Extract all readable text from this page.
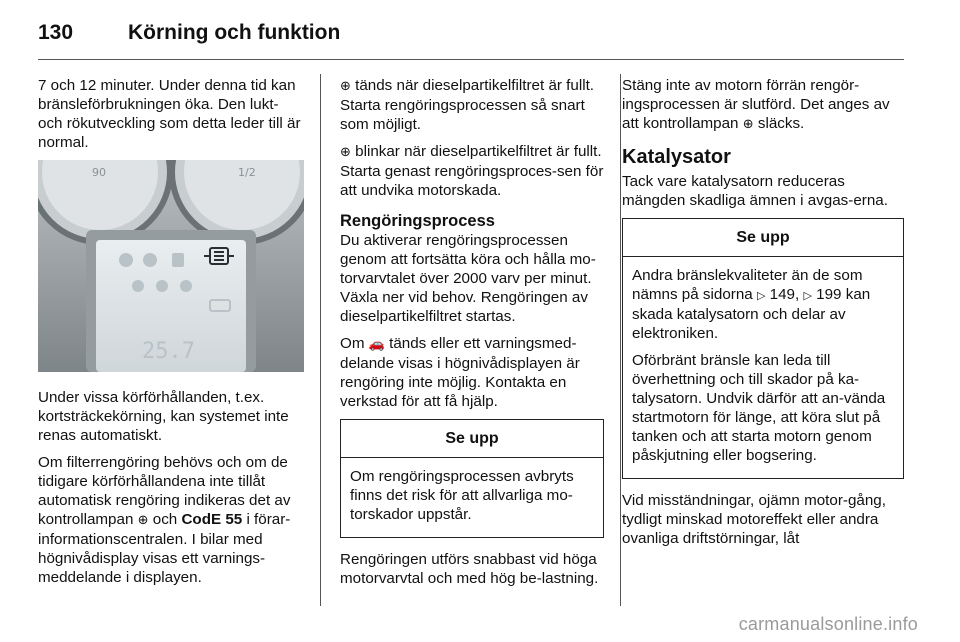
130	Körning och funktion

7 och 12 minuter. Under denna tid kan bränsleförbrukningen öka. Den lukt- och rökutveckling som detta leder till är normal.

90	1/2
25.7

Under vissa körförhållanden, t.ex. kortsträckekörning, kan systemet inte renas automatiskt.

Om filterrengöring behövs och om de tidigare körförhållandena inte tillåt automatisk rengöring indikeras det av kontrollampan ⊕ och CodE 55 i förar-informationscentralen. I bilar med högnivådisplay visas ett varnings-meddelande i displayen.

⊕ tänds när dieselpartikelfiltret är fullt. Starta rengöringsprocessen så snart som möjligt.

⊕ blinkar när dieselpartikelfiltret är fullt. Starta genast rengöringsproces-sen för att undvika motorskada.

Rengöringsprocess

Du aktiverar rengöringsprocessen genom att fortsätta köra och hålla mo-torvarvtalet över 2000 varv per minut. Växla ner vid behov. Rengöringen av dieselpartikelfiltret startas.

Om 🚗 tänds eller ett varningsmed-delande visas i högnivådisplayen är rengöring inte möjlig. Kontakta en verkstad för att få hjälp.

Se upp

Om rengöringsprocessen avbryts finns det risk för att allvarliga mo-torskador uppstår.

Rengöringen utförs snabbast vid höga motorvarvtal och med hög be-lastning.

Stäng inte av motorn förrän rengör-ingsprocessen är slutförd. Det anges av att kontrollampan ⊕ släcks.

Katalysator

Tack vare katalysatorn reduceras mängden skadliga ämnen i avgas-erna.

Se upp

Andra bränslekvaliteter än de som nämns på sidorna ▷ 149, ▷ 199 kan skada katalysatorn och delar av elektroniken.

Oförbränt bränsle kan leda till överhettning och till skador på ka-talysatorn. Undvik därför att an-vända startmotorn för länge, att köra slut på tanken och att starta motorn genom påskjutning eller bogsering.

Vid misständningar, ojämn motor-gång, tydligt minskad motoreffekt eller andra ovanliga driftstörningar, låt

carmanualsonline.info
